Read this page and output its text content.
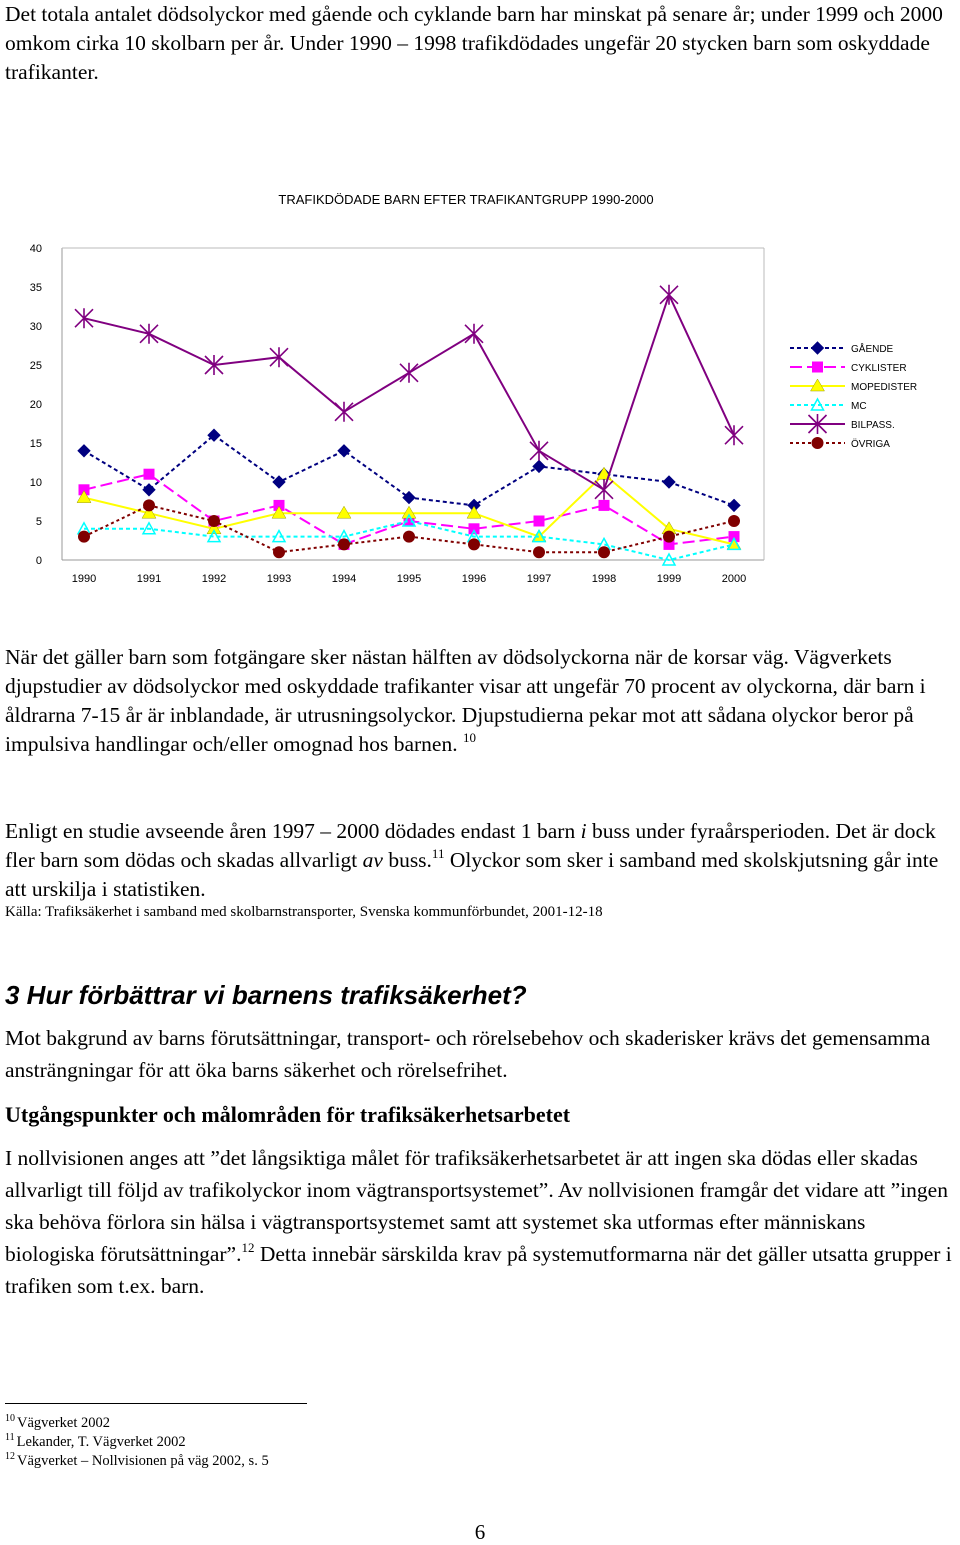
Det totala antalet dödsolyckor med gående och cyklande barn har minskat på senare år; under 1999 och 2000 omkom cirka 10 skolbarn per år. Under 1990 – 1998 trafikdödades ungefär 20 stycken barn som oskyddade trafikanter.

TRAFIKDÖDADE BARN EFTER TRAFIKANTGRUPP 1990-2000
0
5
10
15
20
25
30
35
40
1990	1991	1992	1993	1994	1995	1996	1997	1998	1999	2000
GÅENDE
CYKLISTER
MOPEDISTER
MC
BILPASS.
ÖVRIGA

När det gäller barn som fotgängare sker nästan hälften av dödsolyckorna när de korsar väg. Vägverkets djupstudier av dödsolyckor med oskyddade trafikanter visar att ungefär 70 procent av olyckorna, där barn i åldrarna 7-15 år är inblandade, är utrusningsolyckor. Djupstudierna pekar mot att sådana olyckor beror på impulsiva handlingar och/eller omognad hos barnen. $^{10}$

Enligt en studie avseende åren 1997 – 2000 dödades endast 1 barn i buss under fyraårsperioden. Det är dock fler barn som dödas och skadas allvarligt av buss.$^{11}$ Olyckor som sker i samband med skolskjutsning går inte att urskilja i statistiken.

Källa: Trafiksäkerhet i samband med skolbarnstransporter, Svenska kommunförbundet, 2001-12-18
3 Hur förbättrar vi barnens trafiksäkerhet?

Mot bakgrund av barns förutsättningar, transport- och rörelsebehov och skaderisker krävs det gemensamma ansträngningar för att öka barns säkerhet och rörelsefrihet.

Utgångspunkter och målområden för trafiksäkerhetsarbetet

I nollvisionen anges att ”det långsiktiga målet för trafiksäkerhetsarbetet är att ingen ska dödas eller skadas allvarligt till följd av trafikolyckor inom vägtransportsystemet”. Av nollvisionen framgår det vidare att ”ingen ska behöva förlora sin hälsa i vägtransportsystemet samt att systemet ska utformas efter människans biologiska förutsättningar”.$^{12}$ Detta innebär särskilda krav på systemutformarna när det gäller utsatta grupper i trafiken som t.ex. barn.

$^{10}$ Vägverket 2002
$^{11}$ Lekander, T. Vägverket 2002
$^{12}$ Vägverket – Nollvisionen på väg 2002, s. 5
6
